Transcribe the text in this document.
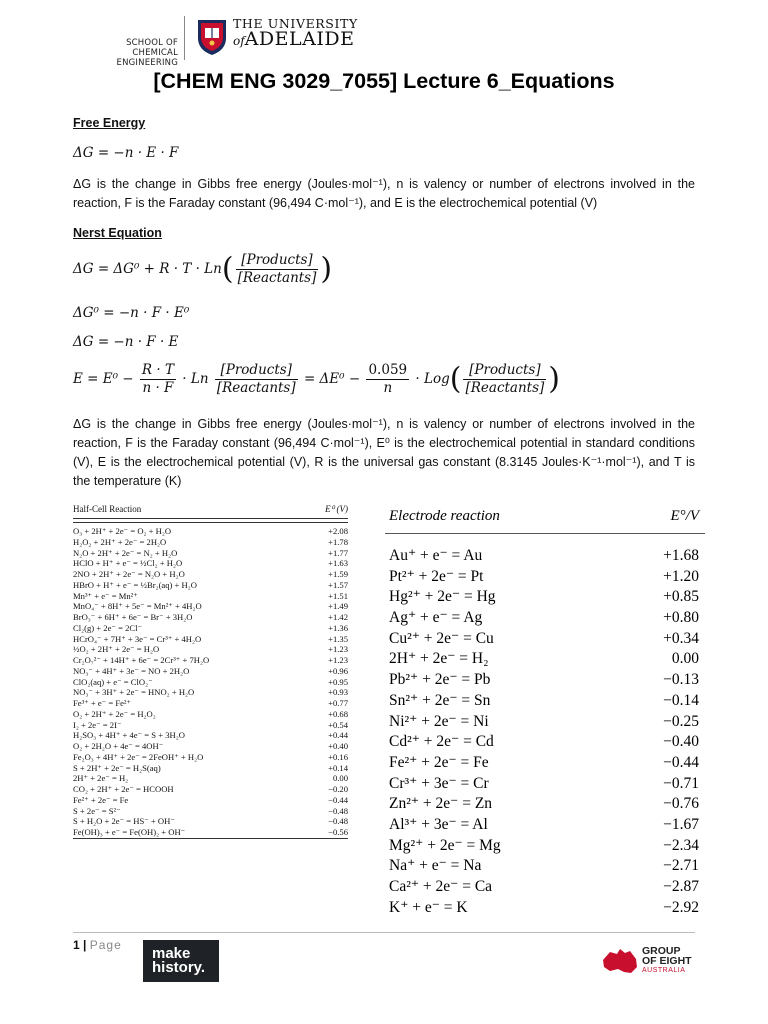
SCHOOL OF
CHEMICAL ENGINEERING
THE UNIVERSITY
ofADELAIDE
[CHEM ENG 3029_7055] Lecture 6_Equations
Free Energy
ΔG = −n · E · F
ΔG is the change in Gibbs free energy (Joules·mol⁻¹), n is valency or number of electrons involved in the reaction, F is the Faraday constant (96,494 C·mol⁻¹), and E is the electrochemical potential (V)
Nerst Equation
$\Delta G = \Delta G^0 + R \cdot T \cdot Ln( \frac{\text{[Products]}}{\text{[Reactants]}}$ )
ΔG⁰ = −n · F · E⁰
ΔG = −n · F · E
$E = E^0 - \frac{R \cdot T}{n \cdot F} \cdot Ln \frac{\text{[Products]}}{\text{[Reactants]}} = \Delta E^0 - \frac{0.059}{n} \cdot Log( \frac{\text{[Products]}}{\text{[Reactants]}}$ )
ΔG is the change in Gibbs free energy (Joules·mol⁻¹), n is valency or number of electrons involved in the reaction, F is the Faraday constant (96,494 C·mol⁻¹), E⁰ is the electrochemical potential in standard conditions (V), E is the electrochemical potential (V), R is the universal gas constant (8.3145 Joules·K⁻¹·mol⁻¹), and T is the temperature (K)
Half-Cell Reaction	E⁰ (V)
O₃ + 2H⁺ + 2e⁻ = O₂ + H₂O	+2.08
H₂O₂ + 2H⁺ + 2e⁻ = 2H₂O	+1.78
N₂O + 2H⁺ + 2e⁻ = N₂ + H₂O	+1.77
HClO + H⁺ + e⁻ = ½Cl₂ + H₂O	+1.63
2NO + 2H⁺ + 2e⁻ = N₂O + H₂O	+1.59
HBrO + H⁺ + e⁻ = ½Br₂(aq) + H₂O	+1.57
Mn³⁺ + e⁻ = Mn²⁺	+1.51
MnO₄⁻ + 8H⁺ + 5e⁻ = Mn²⁺ + 4H₂O	+1.49
BrO₃⁻ + 6H⁺ + 6e⁻ = Br⁻ + 3H₂O	+1.42
Cl₂(g) + 2e⁻ = 2Cl⁻	+1.36
HCrO₄⁻ + 7H⁺ + 3e⁻ = Cr³⁺ + 4H₂O	+1.35
½O₂ + 2H⁺ + 2e⁻ = H₂O	+1.23
Cr₂O₇²⁻ + 14H⁺ + 6e⁻ = 2Cr³⁺ + 7H₂O	+1.23
NO₃⁻ + 4H⁺ + 3e⁻ = NO + 2H₂O	+0.96
ClO₂(aq) + e⁻ = ClO₂⁻	+0.95
NO₃⁻ + 3H⁺ + 2e⁻ = HNO₂ + H₂O	+0.93
Fe³⁺ + e⁻ = Fe²⁺	+0.77
O₂ + 2H⁺ + 2e⁻ = H₂O₂	+0.68
I₂ + 2e⁻ = 2I⁻	+0.54
H₂SO₃ + 4H⁺ + 4e⁻ = S + 3H₂O	+0.44
O₂ + 2H₂O + 4e⁻ = 4OH⁻	+0.40
Fe₂O₃ + 4H⁺ + 2e⁻ = 2FeOH⁺ + H₂O	+0.16
S + 2H⁺ + 2e⁻ = H₂S(aq)	+0.14
2H⁺ + 2e⁻ = H₂	0.00
CO₂ + 2H⁺ + 2e⁻ = HCOOH	−0.20
Fe²⁺ + 2e⁻ = Fe	−0.44
S + 2e⁻ = S²⁻	−0.48
S + H₂O + 2e⁻ = HS⁻ + OH⁻	−0.48
Fe(OH)₃ + e⁻ = Fe(OH)₂ + OH⁻	−0.56
Electrode reaction	E°/V
Au⁺ + e⁻ = Au	+1.68
Pt²⁺ + 2e⁻ = Pt	+1.20
Hg²⁺ + 2e⁻ = Hg	+0.85
Ag⁺ + e⁻ = Ag	+0.80
Cu²⁺ + 2e⁻ = Cu	+0.34
2H⁺ + 2e⁻ = H₂	0.00
Pb²⁺ + 2e⁻ = Pb	−0.13
Sn²⁺ + 2e⁻ = Sn	−0.14
Ni²⁺ + 2e⁻ = Ni	−0.25
Cd²⁺ + 2e⁻ = Cd	−0.40
Fe²⁺ + 2e⁻ = Fe	−0.44
Cr³⁺ + 3e⁻ = Cr	−0.71
Zn²⁺ + 2e⁻ = Zn	−0.76
Al³⁺ + 3e⁻ = Al	−1.67
Mg²⁺ + 2e⁻ = Mg	−2.34
Na⁺ + e⁻ = Na	−2.71
Ca²⁺ + 2e⁻ = Ca	−2.87
K⁺ + e⁻ = K	−2.92
1 | Page make
history.
GROUP
OF EIGHT
AUSTRALIA
